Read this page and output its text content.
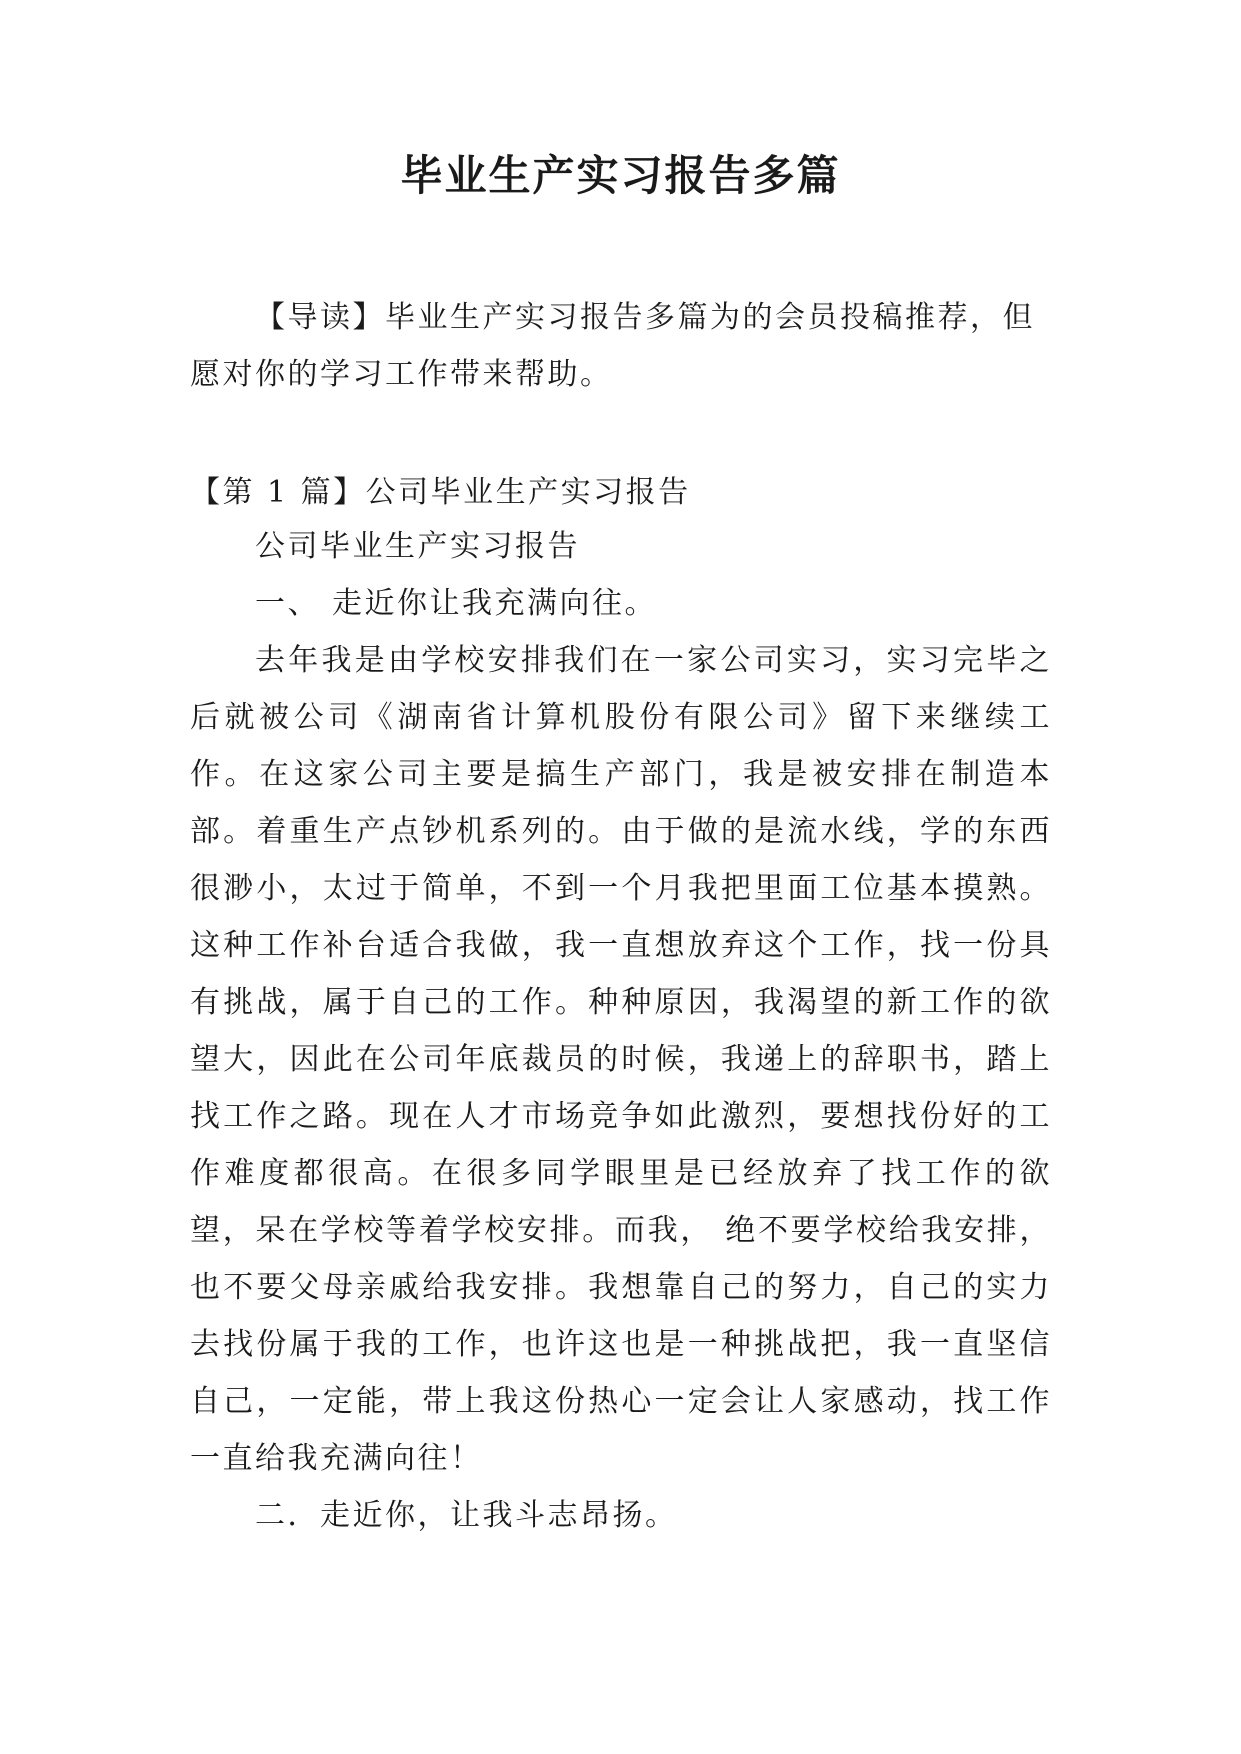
毕业生产实习报告多篇

【导读】毕业生产实习报告多篇为的会员投稿推荐，但愿对你的学习工作带来帮助。

【第 1 篇】公司毕业生产实习报告

公司毕业生产实习报告

一、 走近你让我充满向往。

去年我是由学校安排我们在一家公司实习，实习完毕之后就被公司《湖南省计算机股份有限公司》留下来继续工作。在这家公司主要是搞生产部门，我是被安排在制造本部。着重生产点钞机系列的。由于做的是流水线，学的东西很渺小，太过于简单，不到一个月我把里面工位基本摸熟。这种工作补台适合我做，我一直想放弃这个工作，找一份具有挑战，属于自己的工作。种种原因，我渴望的新工作的欲望大，因此在公司年底裁员的时候，我递上的辞职书，踏上找工作之路。现在人才市场竞争如此激烈，要想找份好的工作难度都很高。在很多同学眼里是已经放弃了找工作的欲望，呆在学校等着学校安排。而我， 绝不要学校给我安排，也不要父母亲戚给我安排。我想靠自己的努力，自己的实力去找份属于我的工作，也许这也是一种挑战把，我一直坚信自己，一定能，带上我这份热心一定会让人家感动，找工作一直给我充满向往！

二．走近你，让我斗志昂扬。
